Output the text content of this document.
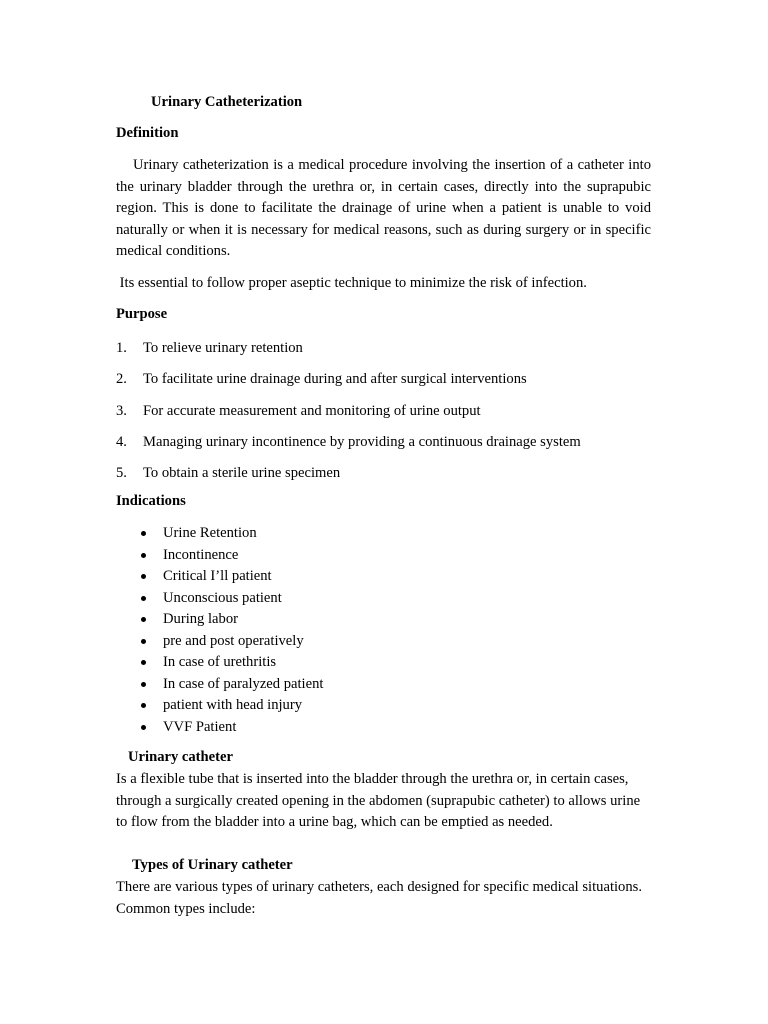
Urinary Catheterization
Definition

Urinary catheterization is a medical procedure involving the insertion of a catheter into the urinary bladder through the urethra or, in certain cases, directly into the suprapubic region. This is done to facilitate the drainage of urine when a patient is unable to void naturally or when it is necessary for medical reasons, such as during surgery or in specific medical conditions.

Its essential to follow proper aseptic technique to minimize the risk of infection.
Purpose
1.	To relieve urinary retention
2.	To facilitate urine drainage during and after surgical interventions
3.	For accurate measurement and monitoring of urine output
4.	Managing urinary incontinence by providing a continuous drainage system
5.	To obtain a sterile urine specimen
Indications
Urine Retention
Incontinence
Critical I’ll patient
Unconscious patient
During labor
pre and post operatively
In case of urethritis
In case of paralyzed patient
patient with head injury
VVF Patient
Urinary catheter

Is a flexible tube that is inserted into the bladder through the urethra or, in certain cases, through a surgically created opening in the abdomen (suprapubic catheter) to allows urine to flow from the bladder into a urine bag, which can be emptied as needed.

Types of Urinary catheter

There are various types of urinary catheters, each designed for specific medical situations. Common types include:
